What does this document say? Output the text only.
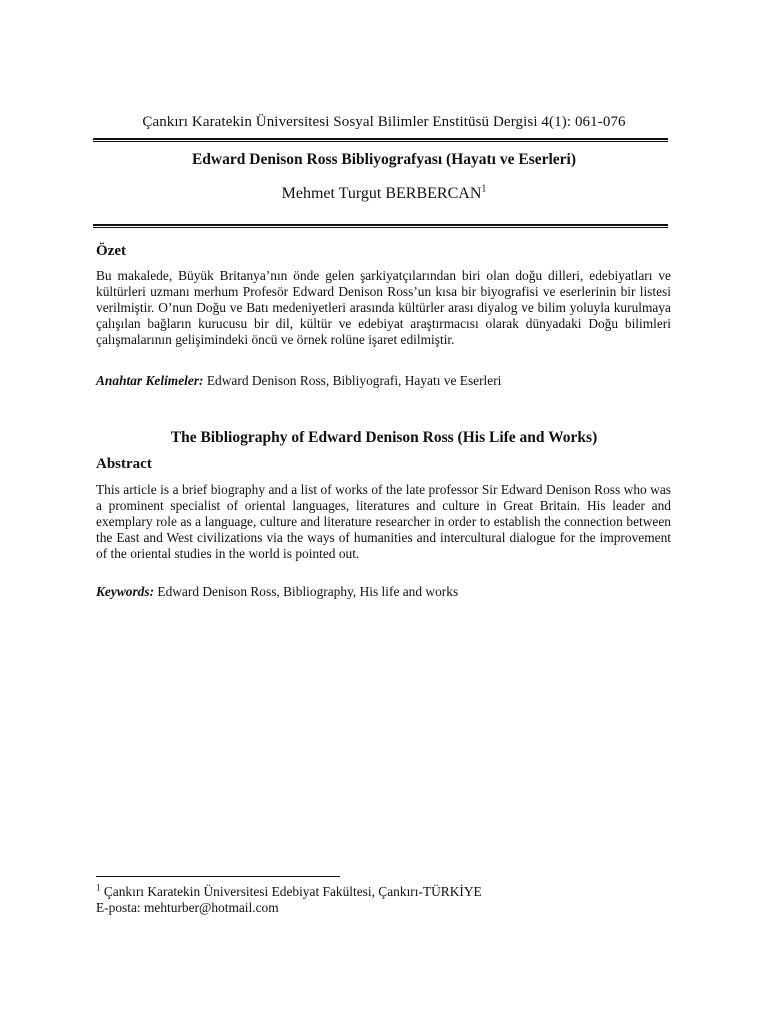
Çankırı Karatekin Üniversitesi Sosyal Bilimler Enstitüsü Dergisi 4(1): 061-076
Edward Denison Ross Bibliyografyası (Hayatı ve Eserleri)
Mehmet Turgut BERBERCAN$^1$
Özet
Bu makalede, Büyük Britanya’nın önde gelen şarkiyatçılarından biri olan doğu dilleri, edebiyatları ve kültürleri uzmanı merhum Profesör Edward Denison Ross’un kısa bir biyografisi ve eserlerinin bir listesi verilmiştir. O’nun Doğu ve Batı medeniyetleri arasında kültürler arası diyalog ve bilim yoluyla kurulmaya çalışılan bağların kurucusu bir dil, kültür ve edebiyat araştırmacısı olarak dünyadaki Doğu bilimleri çalışmalarının gelişimindeki öncü ve örnek rolüne işaret edilmiştir.
Anahtar Kelimeler: Edward Denison Ross, Bibliyografi, Hayatı ve Eserleri
The Bibliography of Edward Denison Ross (His Life and Works)
Abstract
This article is a brief biography and a list of works of the late professor Sir Edward Denison Ross who was a prominent specialist of oriental languages, literatures and culture in Great Britain. His leader and exemplary role as a language, culture and literature researcher in order to establish the connection between the East and West civilizations via the ways of humanities and intercultural dialogue for the improvement of the oriental studies in the world is pointed out.
Keywords: Edward Denison Ross, Bibliography, His life and works
$^1$ Çankırı Karatekin Üniversitesi Edebiyat Fakültesi, Çankırı-TÜRKİYE
E-posta: mehturber@hotmail.com
